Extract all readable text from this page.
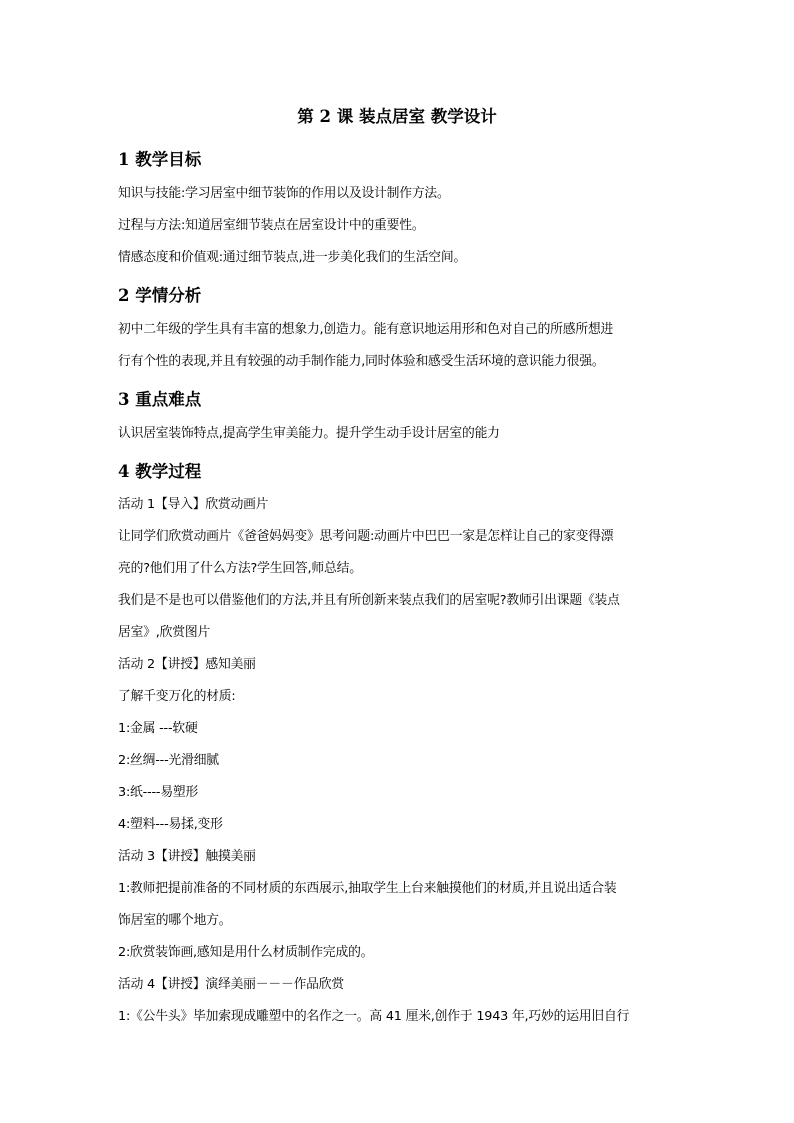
第 2 课 装点居室 教学设计
1 教学目标
知识与技能:学习居室中细节装饰的作用以及设计制作方法。
过程与方法:知道居室细节装点在居室设计中的重要性。
情感态度和价值观:通过细节装点,进一步美化我们的生活空间。
2 学情分析
初中二年级的学生具有丰富的想象力,创造力。能有意识地运用形和色对自己的所感所想进
行有个性的表现,并且有较强的动手制作能力,同时体验和感受生活环境的意识能力很强。
3 重点难点
认识居室装饰特点,提高学生审美能力。提升学生动手设计居室的能力
4 教学过程
活动 1【导入】欣赏动画片
让同学们欣赏动画片《爸爸妈妈变》思考问题:动画片中巴巴一家是怎样让自己的家变得漂
亮的?他们用了什么方法?学生回答,师总结。
我们是不是也可以借鉴他们的方法,并且有所创新来装点我们的居室呢?教师引出课题《装点
居室》,欣赏图片
活动 2【讲授】感知美丽
了解千变万化的材质:
1:金属 ---软硬
2:丝绸---光滑细腻
3:纸----易塑形
4:塑料---易揉,变形
活动 3【讲授】触摸美丽
1:教师把提前准备的不同材质的东西展示,抽取学生上台来触摸他们的材质,并且说出适合装
饰居室的哪个地方。
2:欣赏装饰画,感知是用什么材质制作完成的。
活动 4【讲授】演绎美丽－－－作品欣赏
1:《公牛头》毕加索现成雕塑中的名作之一。高 41 厘米,创作于 1943 年,巧妙的运用旧自行
